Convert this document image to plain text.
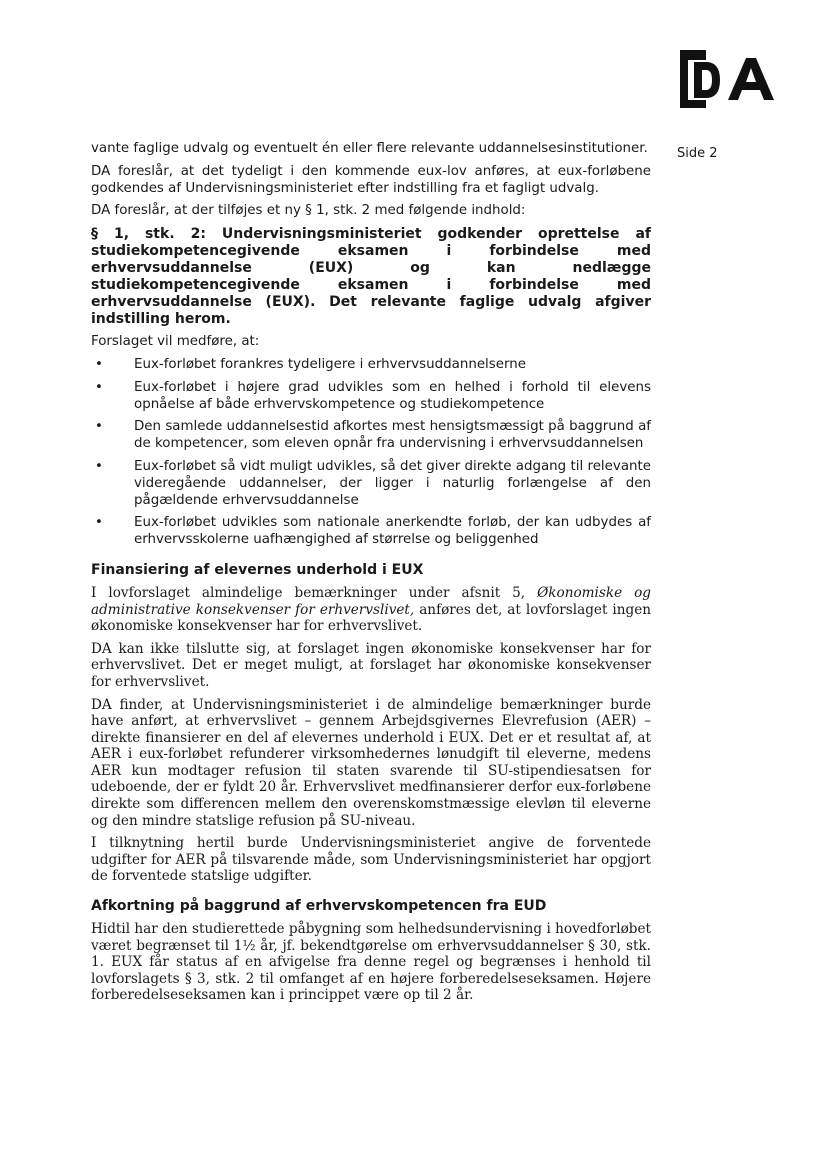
Side 2

vante faglige udvalg og eventuelt én eller flere relevante uddannelsesinstitutioner.

DA foreslår, at det tydeligt i den kommende eux-lov anføres, at eux-forløbene godkendes af Undervisningsministeriet efter indstilling fra et fagligt udvalg.

DA foreslår, at der tilføjes et ny § 1, stk. 2 med følgende indhold:

§ 1, stk. 2: Undervisningsministeriet godkender oprettelse af studiekompetencegivende eksamen i forbindelse med erhvervsuddannelse (EUX) og kan nedlægge studiekompetencegivende eksamen i forbindelse med erhvervsuddannelse (EUX). Det relevante faglige udvalg afgiver indstilling herom.

Forslaget vil medføre, at:

• Eux-forløbet forankres tydeligere i erhvervsuddannelserne
• Eux-forløbet i højere grad udvikles som en helhed i forhold til elevens opnåelse af både erhvervskompetence og studiekompetence
• Den samlede uddannelsestid afkortes mest hensigtsmæssigt på baggrund af de kompetencer, som eleven opnår fra undervisning i erhvervsuddannelsen
• Eux-forløbet så vidt muligt udvikles, så det giver direkte adgang til relevante videregående uddannelser, der ligger i naturlig forlængelse af den pågældende erhvervsuddannelse
• Eux-forløbet udvikles som nationale anerkendte forløb, der kan udbydes af erhvervsskolerne uafhængighed af størrelse og beliggenhed
Finansiering af elevernes underhold i EUX

I lovforslaget almindelige bemærkninger under afsnit 5, Økonomiske og administrative konsekvenser for erhvervslivet, anføres det, at lovforslaget ingen økonomiske konsekvenser har for erhvervslivet.

DA kan ikke tilslutte sig, at forslaget ingen økonomiske konsekvenser har for erhvervslivet. Det er meget muligt, at forslaget har økonomiske konsekvenser for erhvervslivet.

DA finder, at Undervisningsministeriet i de almindelige bemærkninger burde have anført, at erhvervslivet – gennem Arbejdsgivernes Elevrefusion (AER) – direkte finansierer en del af elevernes underhold i EUX. Det er et resultat af, at AER i eux-forløbet refunderer virksomhedernes lønudgift til eleverne, medens AER kun modtager refusion til staten svarende til SU-stipendiesatsen for udeboende, der er fyldt 20 år. Erhvervslivet medfinansierer derfor eux-forløbene direkte som differencen mellem den overenskomstmæssige elevløn til eleverne og den mindre statslige refusion på SU-niveau.

I tilknytning hertil burde Undervisningsministeriet angive de forventede udgifter for AER på tilsvarende måde, som Undervisningsministeriet har opgjort de forventede statslige udgifter.

Afkortning på baggrund af erhvervskompetencen fra EUD

Hidtil har den studierettede påbygning som helhedsundervisning i hovedforløbet været begrænset til 1½ år, jf. bekendtgørelse om erhvervsuddannelser § 30, stk. 1. EUX får status af en afvigelse fra denne regel og begrænses i henhold til lovforslagets § 3, stk. 2 til omfanget af en højere forberedelseseksamen. Højere forberedelseseksamen kan i princippet være op til 2 år.
